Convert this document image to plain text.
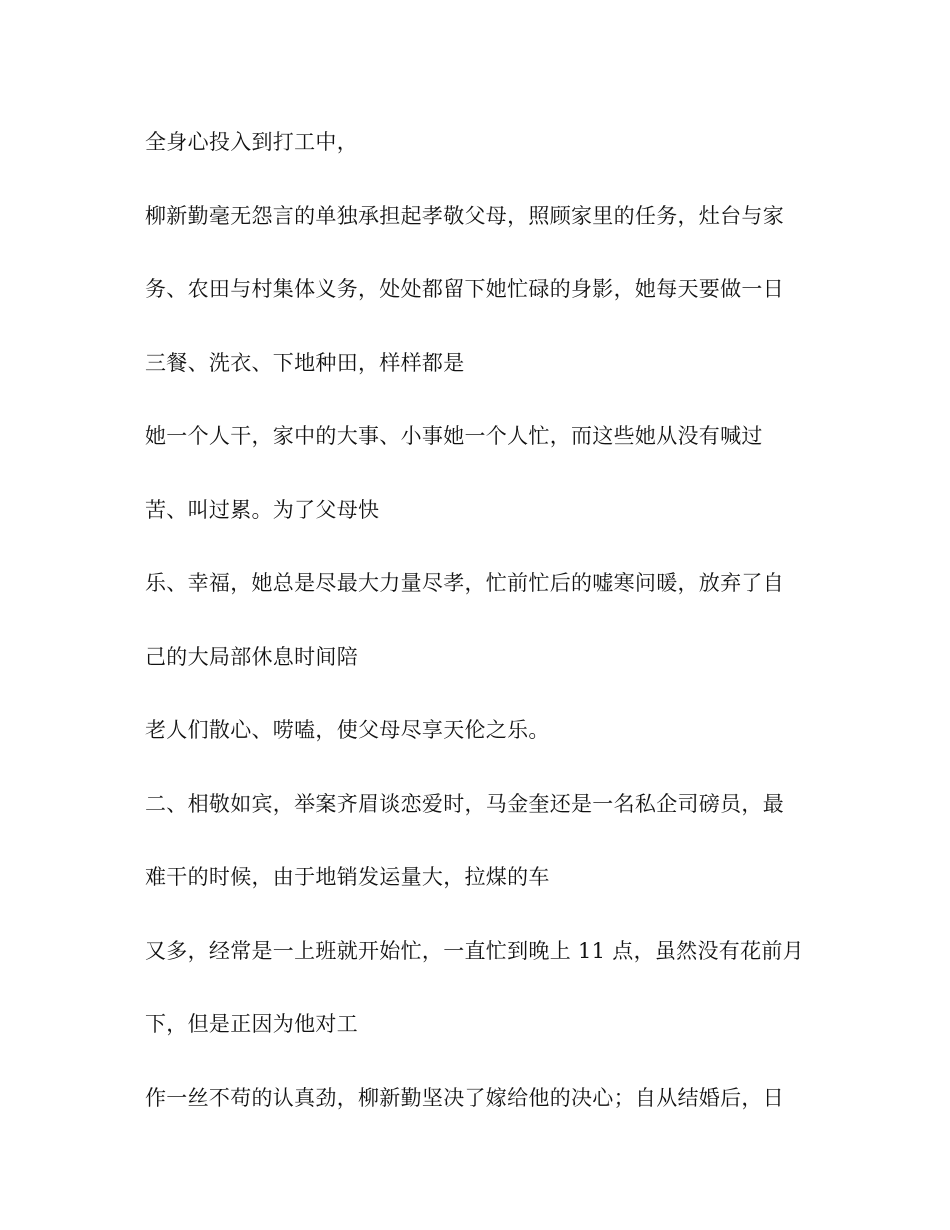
全身心投入到打工中，
柳新勤毫无怨言的单独承担起孝敬父母，照顾家里的任务，灶台与家
务、农田与村集体义务，处处都留下她忙碌的身影，她每天要做一日
三餐、洗衣、下地种田，样样都是
她一个人干，家中的大事、小事她一个人忙，而这些她从没有喊过
苦、叫过累。为了父母快
乐、幸福，她总是尽最大力量尽孝，忙前忙后的嘘寒问暖，放弃了自
己的大局部休息时间陪
老人们散心、唠嗑，使父母尽享天伦之乐。
二、相敬如宾，举案齐眉谈恋爱时，马金奎还是一名私企司磅员，最
难干的时候，由于地销发运量大，拉煤的车
又多，经常是一上班就开始忙，一直忙到晚上 11 点，虽然没有花前月
下，但是正因为他对工
作一丝不苟的认真劲，柳新勤坚决了嫁给他的决心；自从结婚后，日
